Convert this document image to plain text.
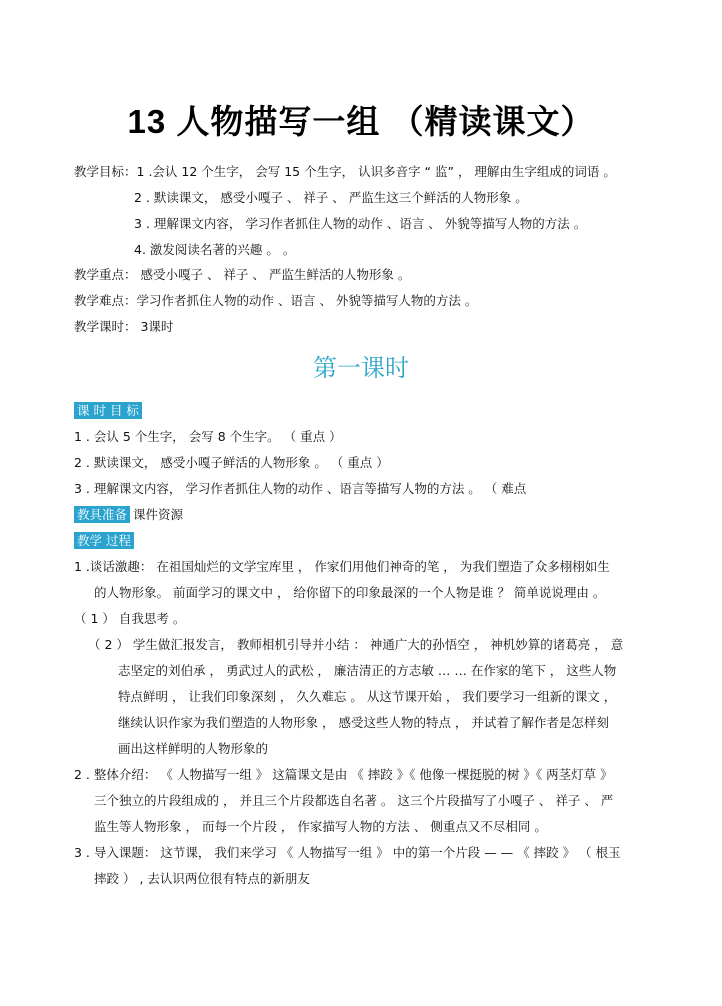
13 人物描写一组 （精读课文）
教学目标：1 .会认 12 个生字， 会写 15 个生字， 认识多音字 “ 监” ， 理解由生字组成的词语 。
2 . 默读课文， 感受小嘎子 、 祥子 、 严监生这三个鲜活的人物形象 。
3 . 理解课文内容， 学习作者抓住人物的动作 、语言 、 外貌等描写人物的方法 。
4. 激发阅读名著的兴趣 。 。
教学重点： 感受小嘎子 、 祥子 、 严监生鲜活的人物形象 。
教学难点：学习作者抓住人物的动作 、语言 、 外貌等描写人物的方法 。
教学课时： 3课时
第一课时
课 时 目 标
1 . 会认 5 个生字， 会写 8 个生字。 （ 重点 ）
2 . 默读课文， 感受小嘎子鲜活的人物形象 。 （ 重点 ）
3 . 理解课文内容， 学习作者抓住人物的动作 、语言等描写人物的方法 。 （ 难点
教具准备 课件资源
教学 过程
1 .谈话激趣： 在祖国灿烂的文学宝库里 ， 作家们用他们神奇的笔 ， 为我们塑造了众多栩栩如生
的人物形象。 前面学习的课文中 ， 给你留下的印象最深的一个人物是谁 ？ 简单说说理由 。
（ 1 ） 自我思考 。
（ 2 ） 学生做汇报发言， 教师相机引导并小结 ： 神通广大的孙悟空 ， 神机妙算的诸葛亮 ， 意
志坚定的刘伯承 ， 勇武过人的武松 ， 廉洁清正的方志敏 … … 在作家的笔下 ， 这些人物
特点鲜明 ， 让我们印象深刻 ， 久久难忘 。 从这节课开始 ， 我们要学习一组新的课文 ，
继续认识作家为我们塑造的人物形象 ， 感受这些人物的特点 ， 并试着了解作者是怎样刻
画出这样鲜明的人物形象的
2 . 整体介绍： 《 人物描写一组 》 这篇课文是由 《 摔跤 》《 他像一棵挺脱的树 》《 两茎灯草 》
三个独立的片段组成的 ， 并且三个片段都选自名著 。 这三个片段描写了小嘎子 、 祥子 、 严
监生等人物形象 ， 而每一个片段 ， 作家描写人物的方法 、 侧重点又不尽相同 。
3 . 导入课题： 这节课， 我们来学习 《 人物描写一组 》 中的第一个片段 — — 《 摔跤 》 （ 根玉
摔跤 ） , 去认识两位很有特点的新朋友
